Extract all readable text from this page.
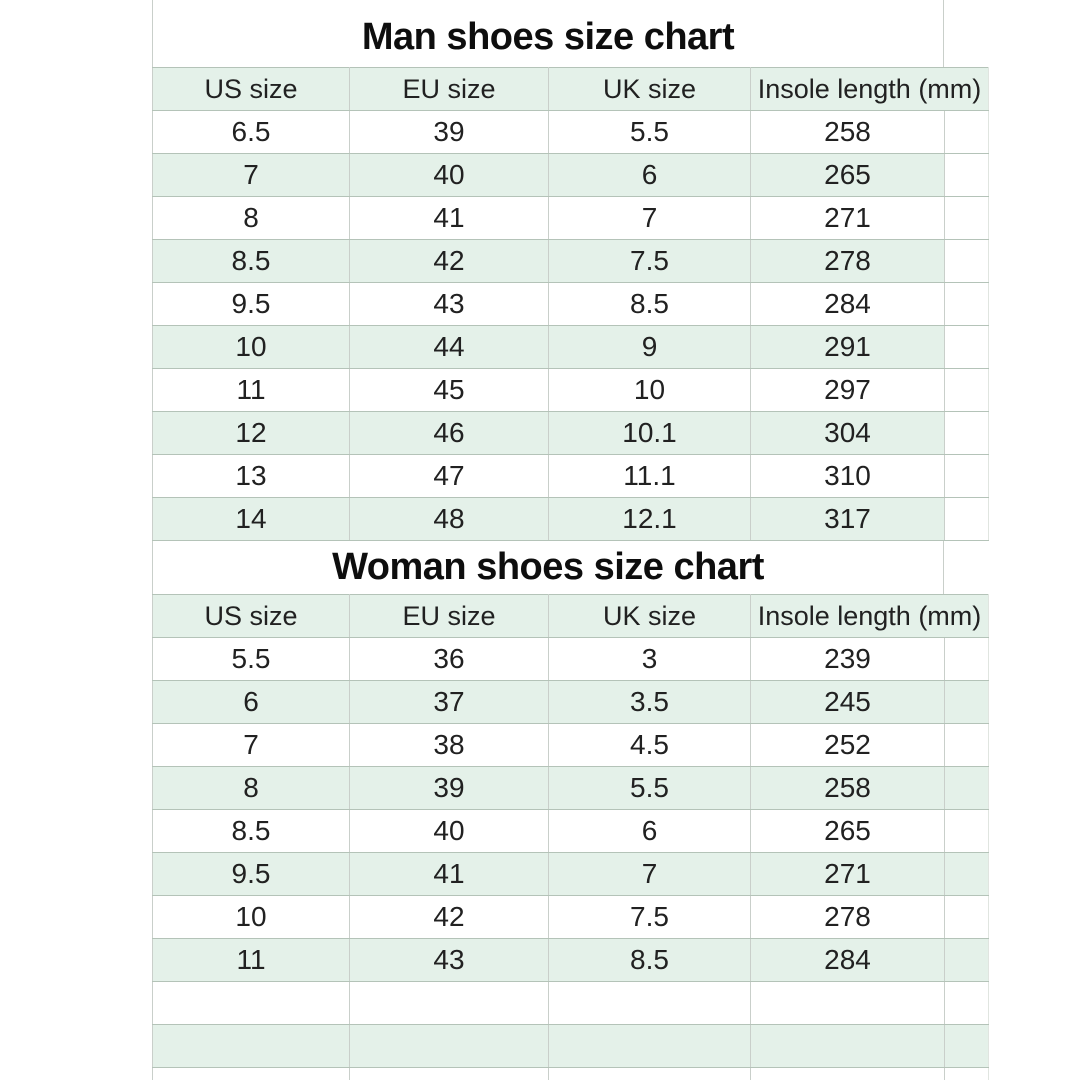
Man shoes size chart
US size	EU size	UK size	Insole length (mm)	
6.5	39	5.5	258	
7	40	6	265	
8	41	7	271	
8.5	42	7.5	278	
9.5	43	8.5	284	
10	44	9	291	
11	45	10	297	
12	46	10.1	304	
13	47	11.1	310	
14	48	12.1	317	
Woman shoes size chart
US size	EU size	UK size	Insole length (mm)	
5.5	36	3	239	
6	37	3.5	245	
7	38	4.5	252	
8	39	5.5	258	
8.5	40	6	265	
9.5	41	7	271	
10	42	7.5	278	
11	43	8.5	284	
